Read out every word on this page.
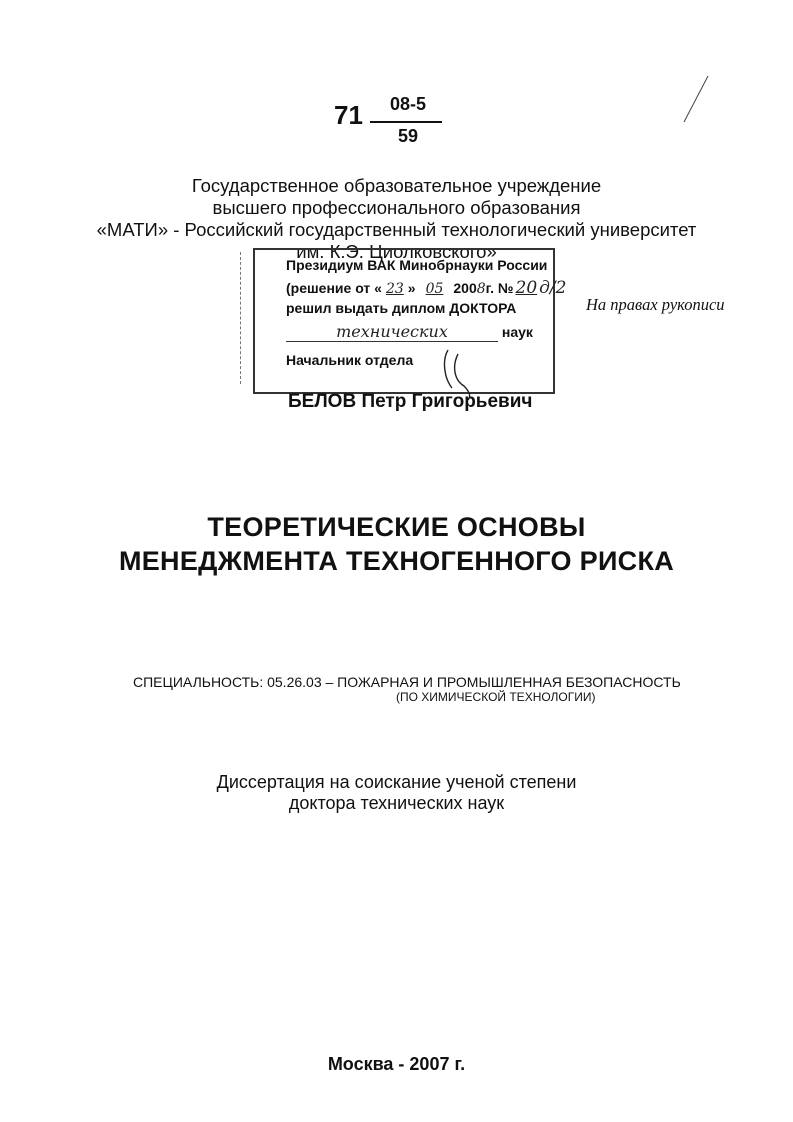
71	08-5
59
Государственное образовательное учреждение
высшего профессионального образования
«МАТИ» - Российский государственный технологический университет
им. К.Э. Циолковского»
Президиум ВАК Минобрнауки России
(решение от « 23 » 05 2008г. № 20 д/2
решил выдать диплом ДОКТОРА
технических	наук
Начальник отдела
На правах рукописи
БЕЛОВ Петр Григорьевич
ТЕОРЕТИЧЕСКИЕ ОСНОВЫ
МЕНЕДЖМЕНТА ТЕХНОГЕННОГО РИСКА
СПЕЦИАЛЬНОСТЬ: 05.26.03 – ПОЖАРНАЯ И ПРОМЫШЛЕННАЯ БЕЗОПАСНОСТЬ
(ПО ХИМИЧЕСКОЙ ТЕХНОЛОГИИ)
Диссертация на соискание ученой степени
доктора технических наук
Москва - 2007 г.
